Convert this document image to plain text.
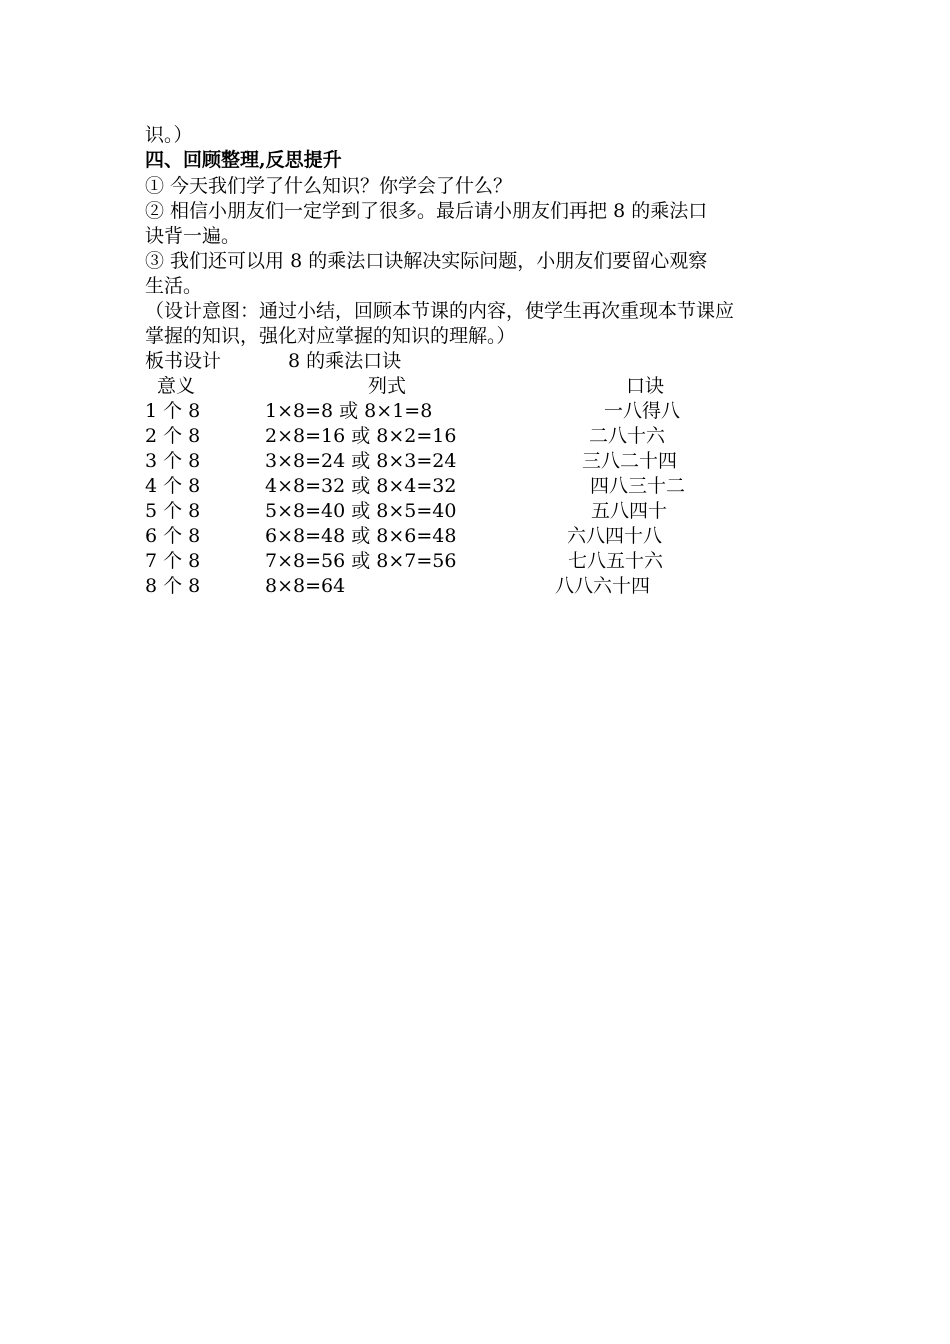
识。）
四、回顾整理,反思提升
① 今天我们学了什么知识？你学会了什么？
② 相信小朋友们一定学到了很多。最后请小朋友们再把 8 的乘法口
诀背一遍。
③ 我们还可以用 8 的乘法口诀解决实际问题，小朋友们要留心观察
生活。
（设计意图：通过小结，回顾本节课的内容，使学生再次重现本节课应
掌握的知识，强化对应掌握的知识的理解。）
板书设计	8 的乘法口诀
意义	列式	口诀
1 个 8	1×8=8 或 8×1=8	一八得八
2 个 8	2×8=16 或 8×2=16	二八十六
3 个 8	3×8=24 或 8×3=24	三八二十四
4 个 8	4×8=32 或 8×4=32	四八三十二
5 个 8	5×8=40 或 8×5=40	五八四十
6 个 8	6×8=48 或 8×6=48	六八四十八
7 个 8	7×8=56 或 8×7=56	七八五十六
8 个 8	8×8=64	八八六十四
